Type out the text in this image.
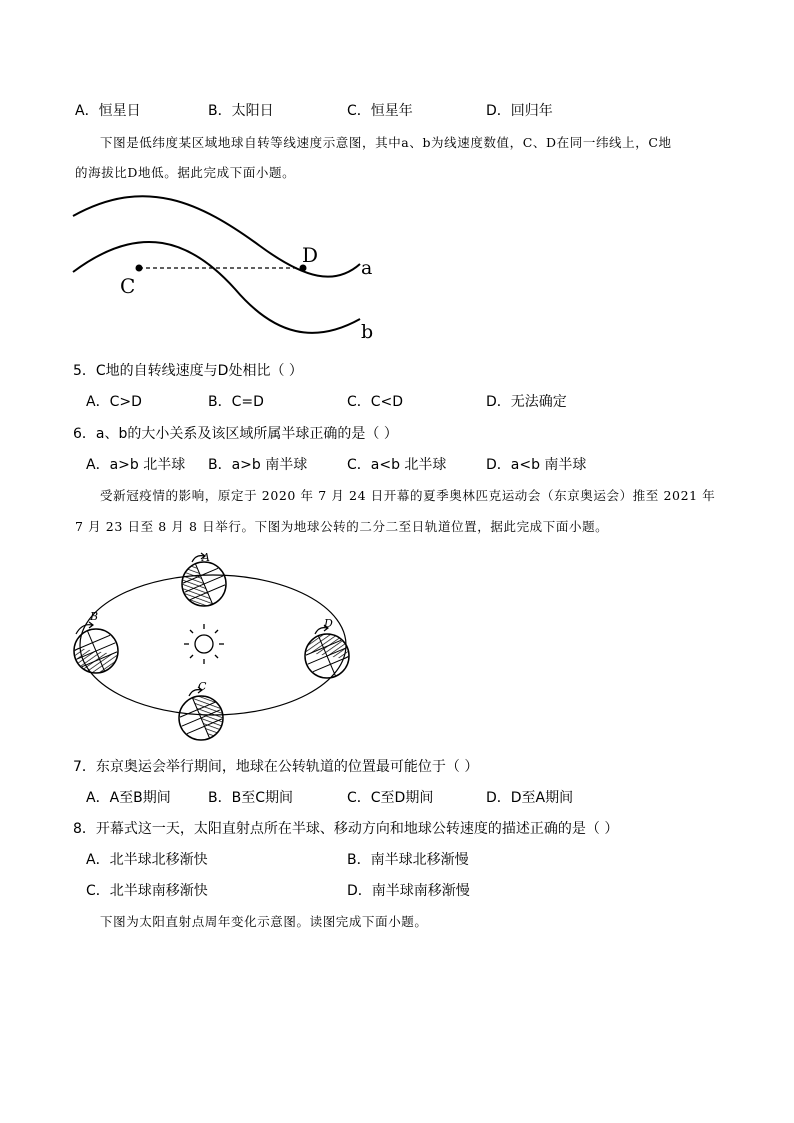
A．恒星日	B．太阳日	C．恒星年	D．回归年
下图是低纬度某区域地球自转等线速度示意图，其中a、b为线速度数值，C、D在同一纬线上，C地
的海拔比D地低。据此完成下面小题。
C
D
a
b
5．C地的自转线速度与D处相比（ ）
A．C>D	B．C=D	C．C<D	D．无法确定
6．a、b的大小关系及该区域所属半球正确的是（ ）
A．a>b 北半球 B．a>b 南半球	C．a<b 北半球	D．a<b 南半球
受新冠疫情的影响，原定于 2020 年 7 月 24 日开幕的夏季奥林匹克运动会（东京奥运会）推至 2021 年
7 月 23 日至 8 月 8 日举行。下图为地球公转的二分二至日轨道位置，据此完成下面小题。
A
B
C
D
7．东京奥运会举行期间，地球在公转轨道的位置最可能位于（ ）
A．A至B期间	B．B至C期间	C．C至D期间	D．D至A期间
8．开幕式这一天，太阳直射点所在半球、移动方向和地球公转速度的描述正确的是（ ）
A．北半球北移渐快	B．南半球北移渐慢
C．北半球南移渐快	D．南半球南移渐慢
下图为太阳直射点周年变化示意图。读图完成下面小题。
